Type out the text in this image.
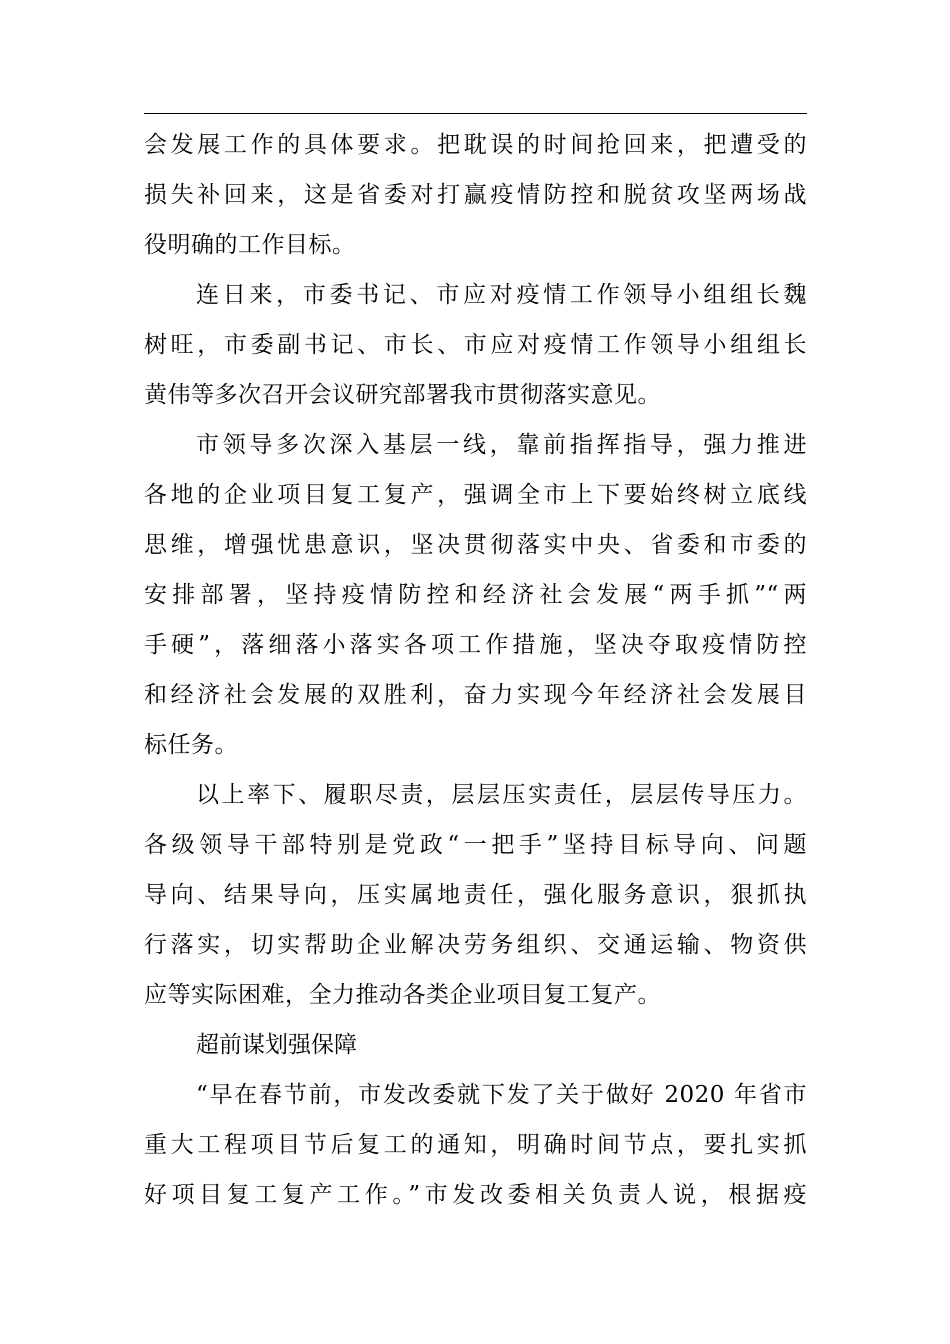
会发展工作的具体要求。把耽误的时间抢回来，把遭受的
损失补回来，这是省委对打赢疫情防控和脱贫攻坚两场战
役明确的工作目标。
连日来，市委书记、市应对疫情工作领导小组组长魏
树旺，市委副书记、市长、市应对疫情工作领导小组组长
黄伟等多次召开会议研究部署我市贯彻落实意见。
市领导多次深入基层一线，靠前指挥指导，强力推进
各地的企业项目复工复产，强调全市上下要始终树立底线
思维，增强忧患意识，坚决贯彻落实中央、省委和市委的
安排部署，坚持疫情防控和经济社会发展“两手抓”“两
手硬”，落细落小落实各项工作措施，坚决夺取疫情防控
和经济社会发展的双胜利，奋力实现今年经济社会发展目
标任务。
以上率下、履职尽责，层层压实责任，层层传导压力。
各级领导干部特别是党政“一把手”坚持目标导向、问题
导向、结果导向，压实属地责任，强化服务意识，狠抓执
行落实，切实帮助企业解决劳务组织、交通运输、物资供
应等实际困难，全力推动各类企业项目复工复产。
超前谋划强保障
“早在春节前，市发改委就下发了关于做好 2020 年省市
重大工程项目节后复工的通知，明确时间节点，要扎实抓
好项目复工复产工作。”市发改委相关负责人说，根据疫
